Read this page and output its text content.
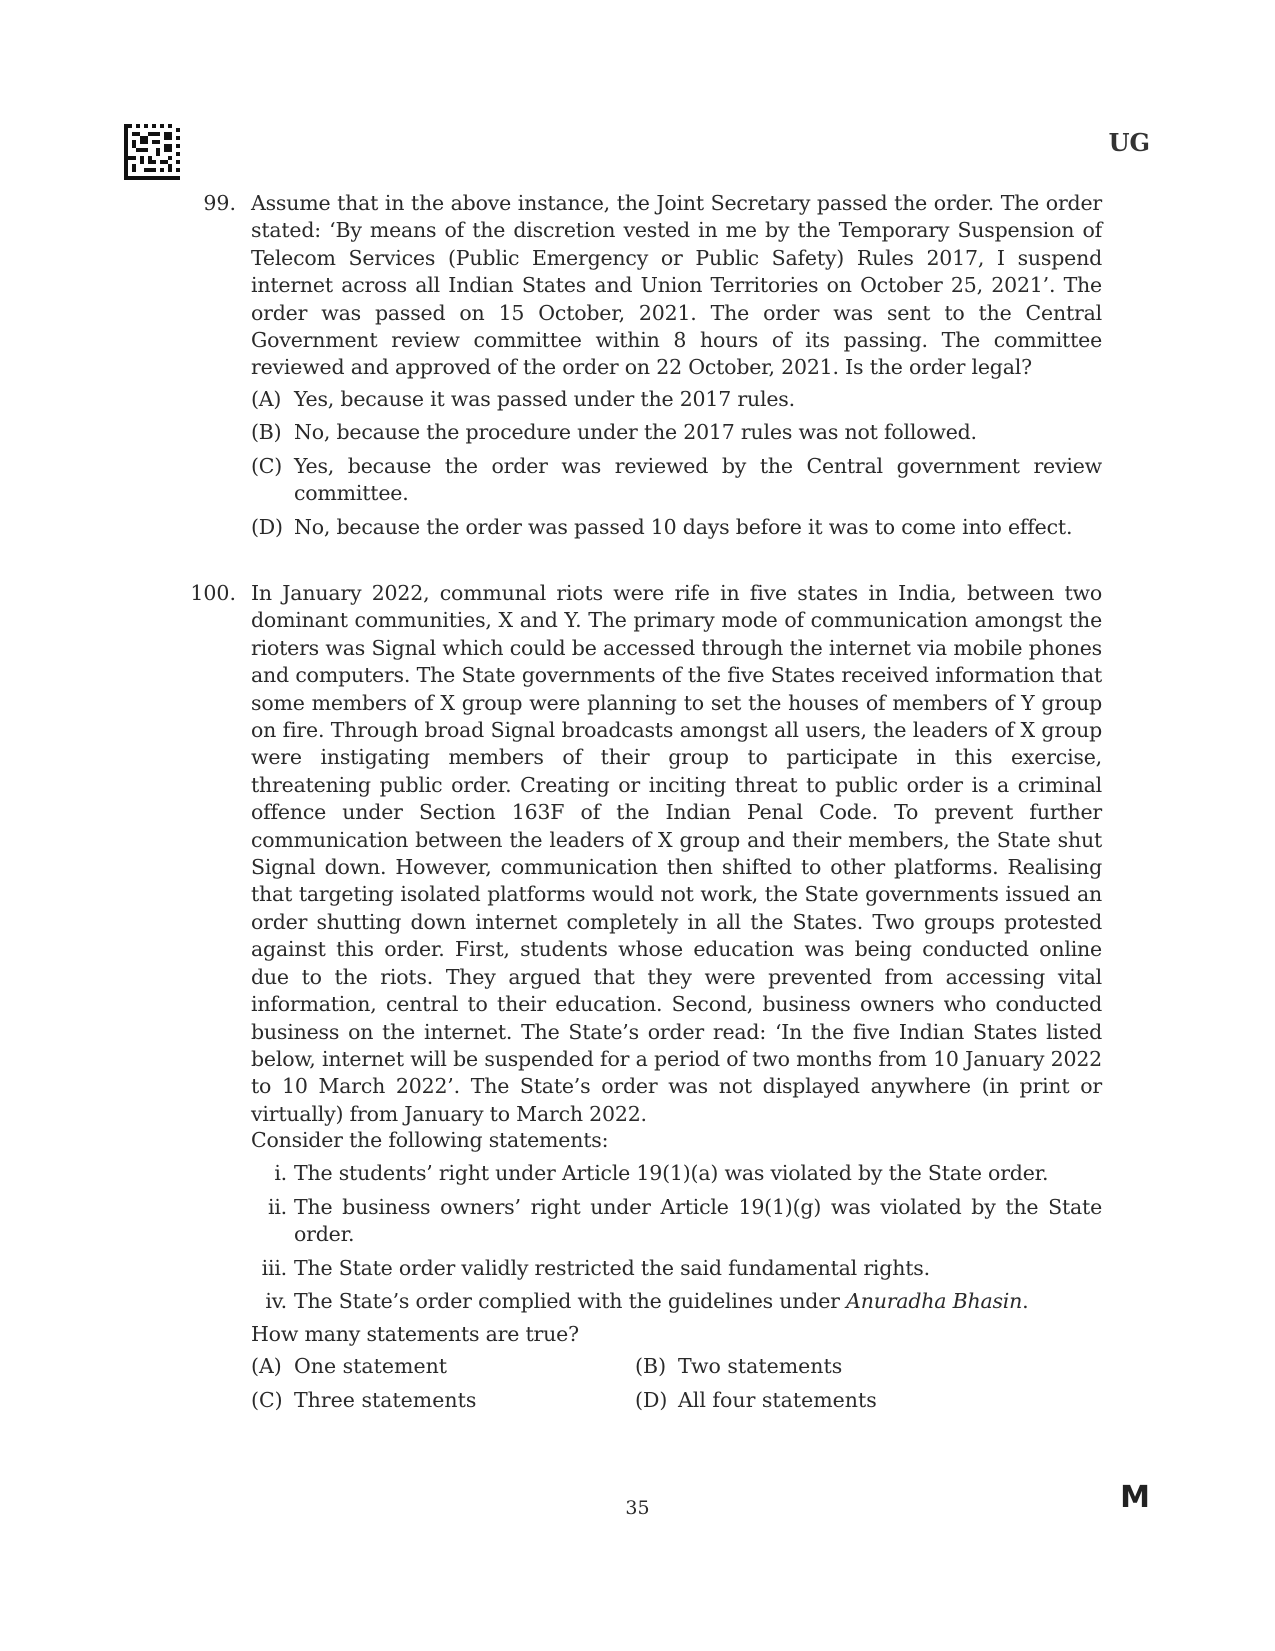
UG
99. Assume that in the above instance, the Joint Secretary passed the order. The order stated: ‘By means of the discretion vested in me by the Temporary Suspension of Telecom Services (Public Emergency or Public Safety) Rules 2017, I suspend internet across all Indian States and Union Territories on October 25, 2021’. The order was passed on 15 October, 2021. The order was sent to the Central Government review committee within 8 hours of its passing. The committee reviewed and approved of the order on 22 October, 2021. Is the order legal?
(A) Yes, because it was passed under the 2017 rules.
(B) No, because the procedure under the 2017 rules was not followed.
(C) Yes, because the order was reviewed by the Central government review committee.
(D) No, because the order was passed 10 days before it was to come into effect.
100. In January 2022, communal riots were rife in five states in India, between two dominant communities, X and Y. The primary mode of communication amongst the rioters was Signal which could be accessed through the internet via mobile phones and computers. The State governments of the five States received information that some members of X group were planning to set the houses of members of Y group on fire. Through broad Signal broadcasts amongst all users, the leaders of X group were instigating members of their group to participate in this exercise, threatening public order. Creating or inciting threat to public order is a criminal offence under Section 163F of the Indian Penal Code. To prevent further communication between the leaders of X group and their members, the State shut Signal down. However, communication then shifted to other platforms. Realising that targeting isolated platforms would not work, the State governments issued an order shutting down internet completely in all the States. Two groups protested against this order. First, students whose education was being conducted online due to the riots. They argued that they were prevented from accessing vital information, central to their education. Second, business owners who conducted business on the internet. The State’s order read: ‘In the five Indian States listed below, internet will be suspended for a period of two months from 10 January 2022 to 10 March 2022’. The State’s order was not displayed anywhere (in print or virtually) from January to March 2022.
Consider the following statements:
i. The students’ right under Article 19(1)(a) was violated by the State order.
ii. The business owners’ right under Article 19(1)(g) was violated by the State order.
iii. The State order validly restricted the said fundamental rights.
iv. The State’s order complied with the guidelines under Anuradha Bhasin.
How many statements are true?
(A) One statement	(B) Two statements
(C) Three statements	(D) All four statements
35	M
